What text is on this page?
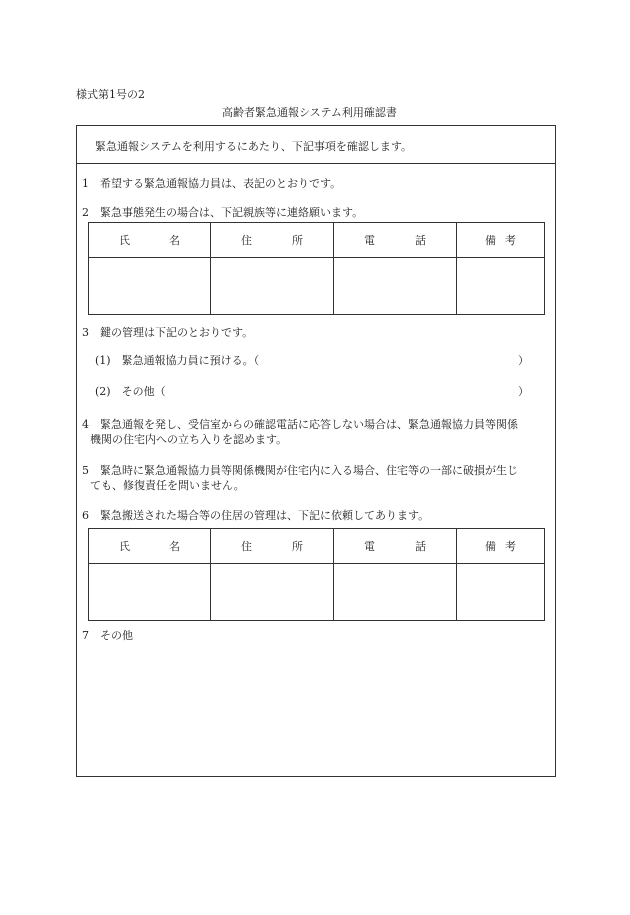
様式第1号の2
高齢者緊急通報システム利用確認書
緊急通報システムを利用するにあたり、下記事項を確認します。
1　希望する緊急通報協力員は、表記のとおりです。
2　緊急事態発生の場合は、下記親族等に連絡願います。
氏 名	住 所	電 話	備 考

3　鍵の管理は下記のとおりです。
(1)　緊急通報協力員に預ける。（	）
(2)　その他（	）
4　緊急通報を発し、受信室からの確認電話に応答しない場合は、緊急通報協力員等関係
機関の住宅内への立ち入りを認めます。
5　緊急時に緊急通報協力員等関係機関が住宅内に入る場合、住宅等の一部に破損が生じ
ても、修復責任を問いません。
6　緊急搬送された場合等の住居の管理は、下記に依頼してあります。
氏 名	住 所	電 話	備 考

7　その他
